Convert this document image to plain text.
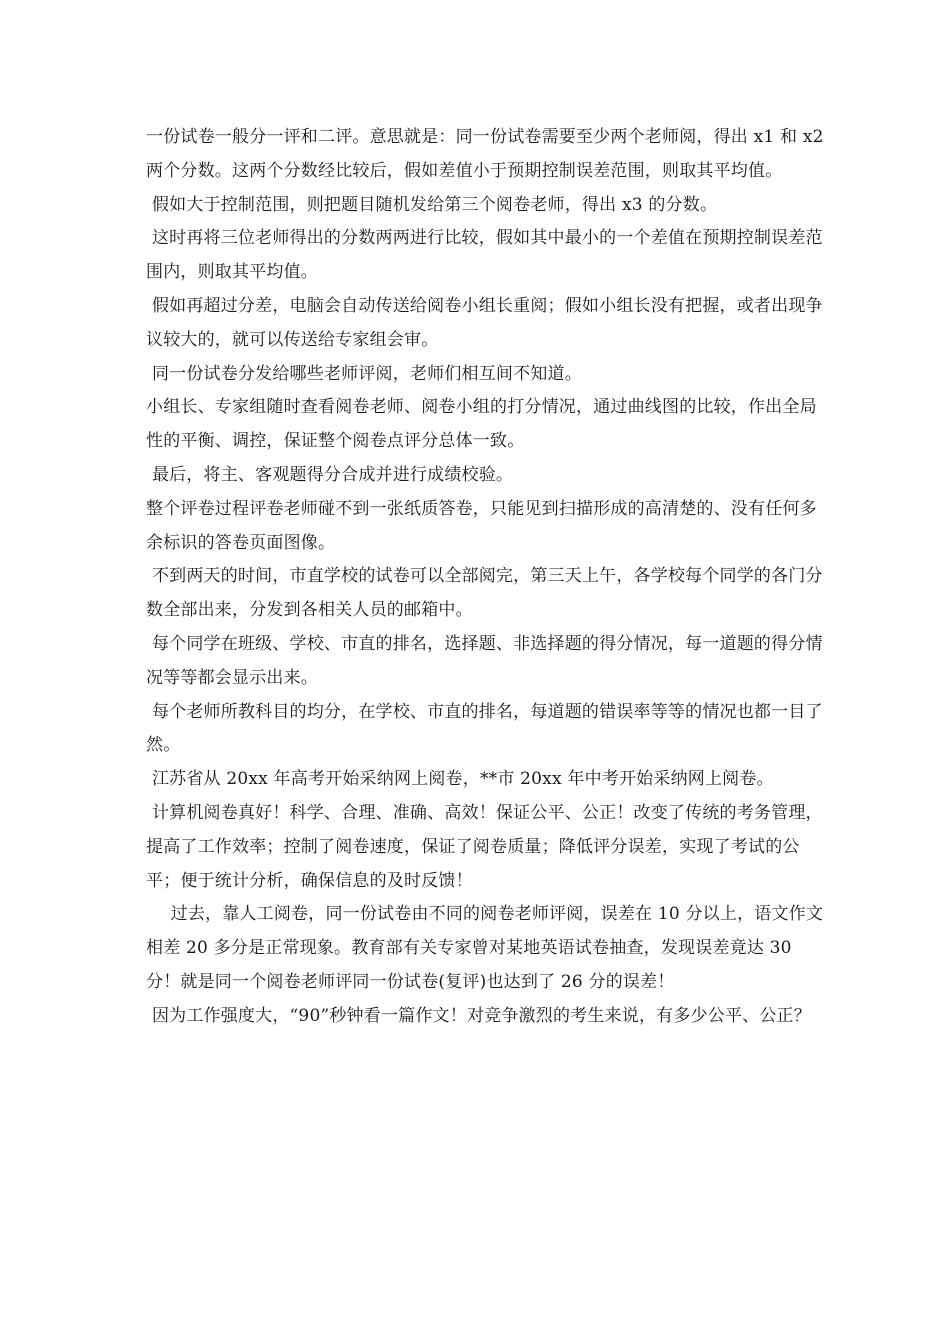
一份试卷一般分一评和二评。意思就是：同一份试卷需要至少两个老师阅，得出 x1 和 x2 两个分数。这两个分数经比较后，假如差值小于预期控制误差范围，则取其平均值。

假如大于控制范围，则把题目随机发给第三个阅卷老师，得出 x3 的分数。

这时再将三位老师得出的分数两两进行比较，假如其中最小的一个差值在预期控制误差范围内，则取其平均值。

假如再超过分差，电脑会自动传送给阅卷小组长重阅；假如小组长没有把握，或者出现争议较大的，就可以传送给专家组会审。

同一份试卷分发给哪些老师评阅，老师们相互间不知道。

小组长、专家组随时查看阅卷老师、阅卷小组的打分情况，通过曲线图的比较，作出全局性的平衡、调控，保证整个阅卷点评分总体一致。

最后，将主、客观题得分合成并进行成绩校验。

整个评卷过程评卷老师碰不到一张纸质答卷，只能见到扫描形成的高清楚的、没有任何多余标识的答卷页面图像。

不到两天的时间，市直学校的试卷可以全部阅完，第三天上午，各学校每个同学的各门分数全部出来，分发到各相关人员的邮箱中。

每个同学在班级、学校、市直的排名，选择题、非选择题的得分情况，每一道题的得分情况等等都会显示出来。

每个老师所教科目的均分，在学校、市直的排名，每道题的错误率等等的情况也都一目了然。

江苏省从 20xx 年高考开始采纳网上阅卷，**市 20xx 年中考开始采纳网上阅卷。

计算机阅卷真好！科学、合理、准确、高效！保证公平、公正！改变了传统的考务管理，提高了工作效率；控制了阅卷速度，保证了阅卷质量；降低评分误差，实现了考试的公平；便于统计分析，确保信息的及时反馈！

过去，靠人工阅卷，同一份试卷由不同的阅卷老师评阅，误差在 10 分以上，语文作文相差 20 多分是正常现象。教育部有关专家曾对某地英语试卷抽查，发现误差竟达 30 分！就是同一个阅卷老师评同一份试卷(复评)也达到了 26 分的误差！

因为工作强度大，“90”秒钟看一篇作文！对竞争激烈的考生来说，有多少公平、公正？
